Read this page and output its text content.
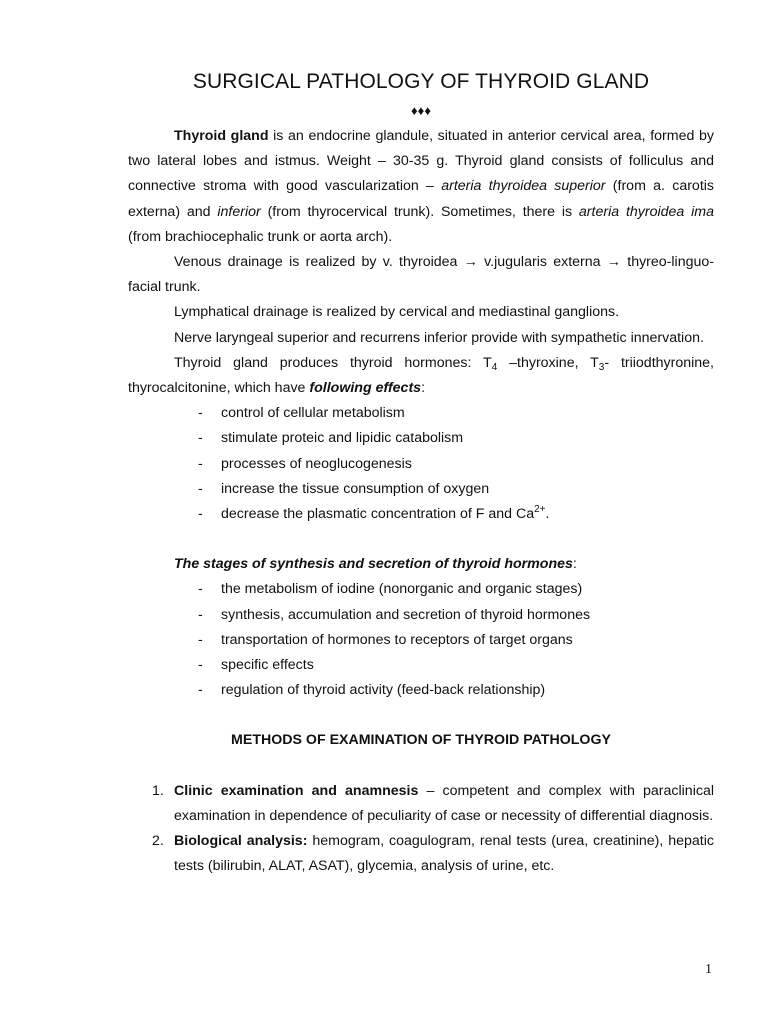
SURGICAL PATHOLOGY OF THYROID GLAND
♦♦♦

Thyroid gland is an endocrine glandule, situated in anterior cervical area, formed by two lateral lobes and istmus. Weight – 30-35 g. Thyroid gland consists of folliculus and connective stroma with good vascularization – arteria thyroidea superior (from a. carotis externa) and inferior (from thyrocervical trunk). Sometimes, there is arteria thyroidea ima (from brachiocephalic trunk or aorta arch).

Venous drainage is realized by v. thyroidea → v.jugularis externa → thyreo-linguo-facial trunk.

Lymphatical drainage is realized by cervical and mediastinal ganglions.

Nerve laryngeal superior and recurrens inferior provide with sympathetic innervation.

Thyroid gland produces thyroid hormones: $T_4$ –thyroxine, $T_3-$ triiodthyronine, thyrocalcitonine, which have following effects:

- control of cellular metabolism
- stimulate proteic and lipidic catabolism
- processes of neoglucogenesis
- increase the tissue consumption of oxygen
- decrease the plasmatic concentration of F and $Ca^{2+}$.
The stages of synthesis and secretion of thyroid hormones:
- the metabolism of iodine (nonorganic and organic stages)
- synthesis, accumulation and secretion of thyroid hormones
- transportation of hormones to receptors of target organs
- specific effects
- regulation of thyroid activity (feed-back relationship)
METHODS OF EXAMINATION OF THYROID PATHOLOGY
1. Clinic examination and anamnesis – competent and complex with paraclinical examination in dependence of peculiarity of case or necessity of differential diagnosis.
2. Biological analysis: hemogram, coagulogram, renal tests (urea, creatinine), hepatic tests (bilirubin, ALAT, ASAT), glycemia, analysis of urine, etc.
1
